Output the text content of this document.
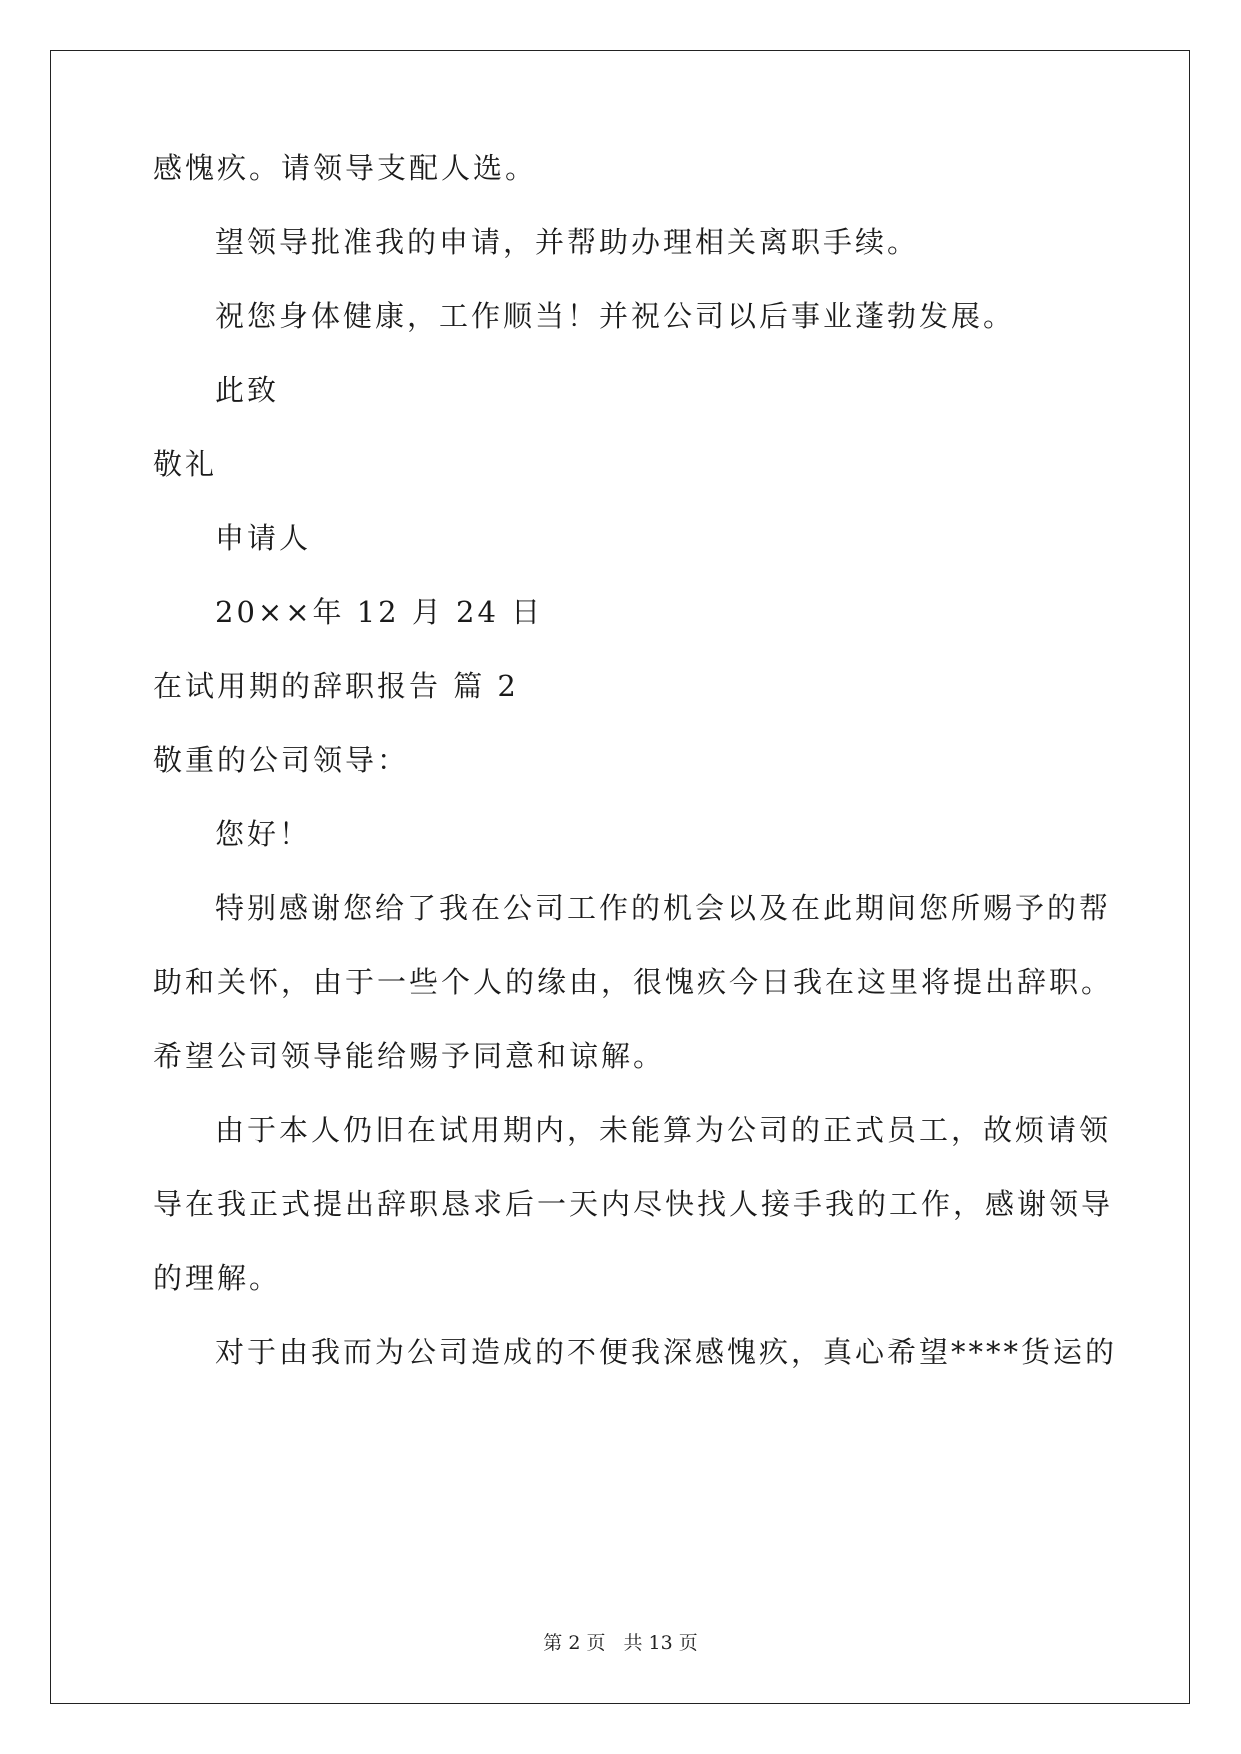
感愧疚。请领导支配人选。
望领导批准我的申请，并帮助办理相关离职手续。
祝您身体健康，工作顺当！并祝公司以后事业蓬勃发展。
此致
敬礼
申请人
20××年 12 月 24 日
在试用期的辞职报告 篇 2
敬重的公司领导：
您好！
特别感谢您给了我在公司工作的机会以及在此期间您所赐予的帮
助和关怀，由于一些个人的缘由，很愧疚今日我在这里将提出辞职。
希望公司领导能给赐予同意和谅解。
由于本人仍旧在试用期内，未能算为公司的正式员工，故烦请领
导在我正式提出辞职恳求后一天内尽快找人接手我的工作，感谢领导
的理解。
对于由我而为公司造成的不便我深感愧疚，真心希望****货运的
第 2 页 共 13 页
